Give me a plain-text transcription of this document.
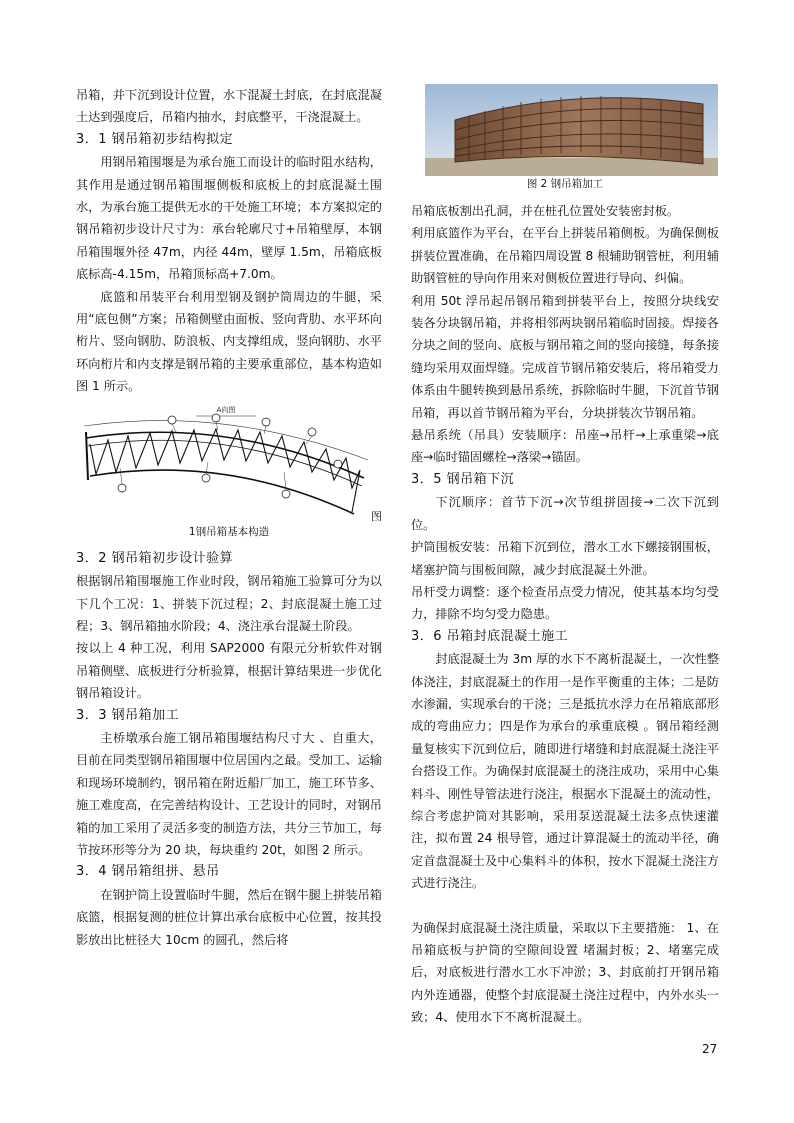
吊箱，并下沉到设计位置，水下混凝土封底，在封底混凝土达到强度后，吊箱内抽水，封底整平，干浇混凝土。

3．1 钢吊箱初步结构拟定

用钢吊箱围堰是为承台施工而设计的临时阻水结构，其作用是通过钢吊箱围堰侧板和底板上的封底混凝土围水，为承台施工提供无水的干处施工环境；本方案拟定的钢吊箱初步设计尺寸为：承台轮廓尺寸+吊箱壁厚，本钢吊箱围堰外径 47m，内径 44m，壁厚 1.5m，吊箱底板底标高-4.15m，吊箱顶标高+7.0m。

底篮和吊装平台利用型钢及钢护筒周边的牛腿，采用“底包侧”方案；吊箱侧壁由面板、竖向背肋、水平环向桁片、竖向钢肋、防浪板、内支撑组成，竖向钢肋、水平环向桁片和内支撑是钢吊箱的主要承重部位，基本构造如图 1 所示。

A向图
图

1钢吊箱基本构造

3．2 钢吊箱初步设计验算

根据钢吊箱围堰施工作业时段，钢吊箱施工验算可分为以下几个工况：1、拼装下沉过程；2、封底混凝土施工过程；3、钢吊箱抽水阶段；4、浇注承台混凝土阶段。

按以上 4 种工况，利用 SAP2000 有限元分析软件对钢吊箱侧壁、底板进行分析验算，根据计算结果进一步优化钢吊箱设计。

3．3 钢吊箱加工

主桥墩承台施工钢吊箱围堰结构尺寸大 、自重大，目前在同类型钢吊箱围堰中位居国内之最。受加工、运输和现场环境制约，钢吊箱在附近船厂加工，施工环节多、施工难度高，在完善结构设计、工艺设计的同时，对钢吊箱的加工采用了灵活多变的制造方法，共分三节加工，每节按环形等分为 20 块，每块重约 20t，如图 2 所示。

3．4 钢吊箱组拼、悬吊

在钢护筒上设置临时牛腿，然后在钢牛腿上拼装吊箱底篮，根据复测的桩位计算出承台底板中心位置，按其投影放出比桩径大 10cm 的圆孔，然后将

图 2 钢吊箱加工

吊箱底板割出孔洞，并在桩孔位置处安装密封板。

利用底篮作为平台，在平台上拼装吊箱侧板。为确保侧板拼装位置准确，在吊箱四周设置 8 根辅助钢管桩，利用辅助钢管桩的导向作用来对侧板位置进行导向、纠偏。

利用 50t 浮吊起吊钢吊箱到拼装平台上，按照分块线安装各分块钢吊箱，并将相邻两块钢吊箱临时固接。焊接各分块之间的竖向、底板与钢吊箱之间的竖向接缝，每条接缝均采用双面焊缝。完成首节钢吊箱安装后，将吊箱受力体系由牛腿转换到悬吊系统，拆除临时牛腿，下沉首节钢吊箱，再以首节钢吊箱为平台，分块拼装次节钢吊箱。

悬吊系统（吊具）安装顺序：吊座→吊杆→上承重梁→底座→临时锚固螺栓→落梁→锚固。

3．5 钢吊箱下沉

下沉顺序：首节下沉→次节组拼固接→二次下沉到位。

护筒围板安装：吊箱下沉到位，潜水工水下螺接钢围板，堵塞护筒与围板间隙，减少封底混凝土外泄。

吊杆受力调整：逐个检查吊点受力情况，使其基本均匀受力，排除不均匀受力隐患。

3．6 吊箱封底混凝土施工

封底混凝土为 3m 厚的水下不离析混凝土，一次性整体浇注，封底混凝土的作用一是作平衡重的主体；二是防水渗漏，实现承台的干浇；三是抵抗水浮力在吊箱底部形成的弯曲应力；四是作为承台的承重底模 。钢吊箱经测量复核实下沉到位后，随即进行堵缝和封底混凝土浇注平台搭设工作。为确保封底混凝土的浇注成功，采用中心集料斗、刚性导管法进行浇注，根据水下混凝土的流动性，综合考虑护筒对其影响，采用泵送混凝土法多点快速灌注，拟布置 24 根导管，通过计算混凝土的流动半径，确定首盘混凝土及中心集料斗的体积，按水下混凝土浇注方式进行浇注。

为确保封底混凝土浇注质量，采取以下主要措施： 1、在吊箱底板与护筒的空隙间设置 堵漏封板；2、堵塞完成后，对底板进行潜水工水下冲淤；3、封底前打开钢吊箱内外连通器，使整个封底混凝土浇注过程中，内外水头一致；4、使用水下不离析混凝土。

27
